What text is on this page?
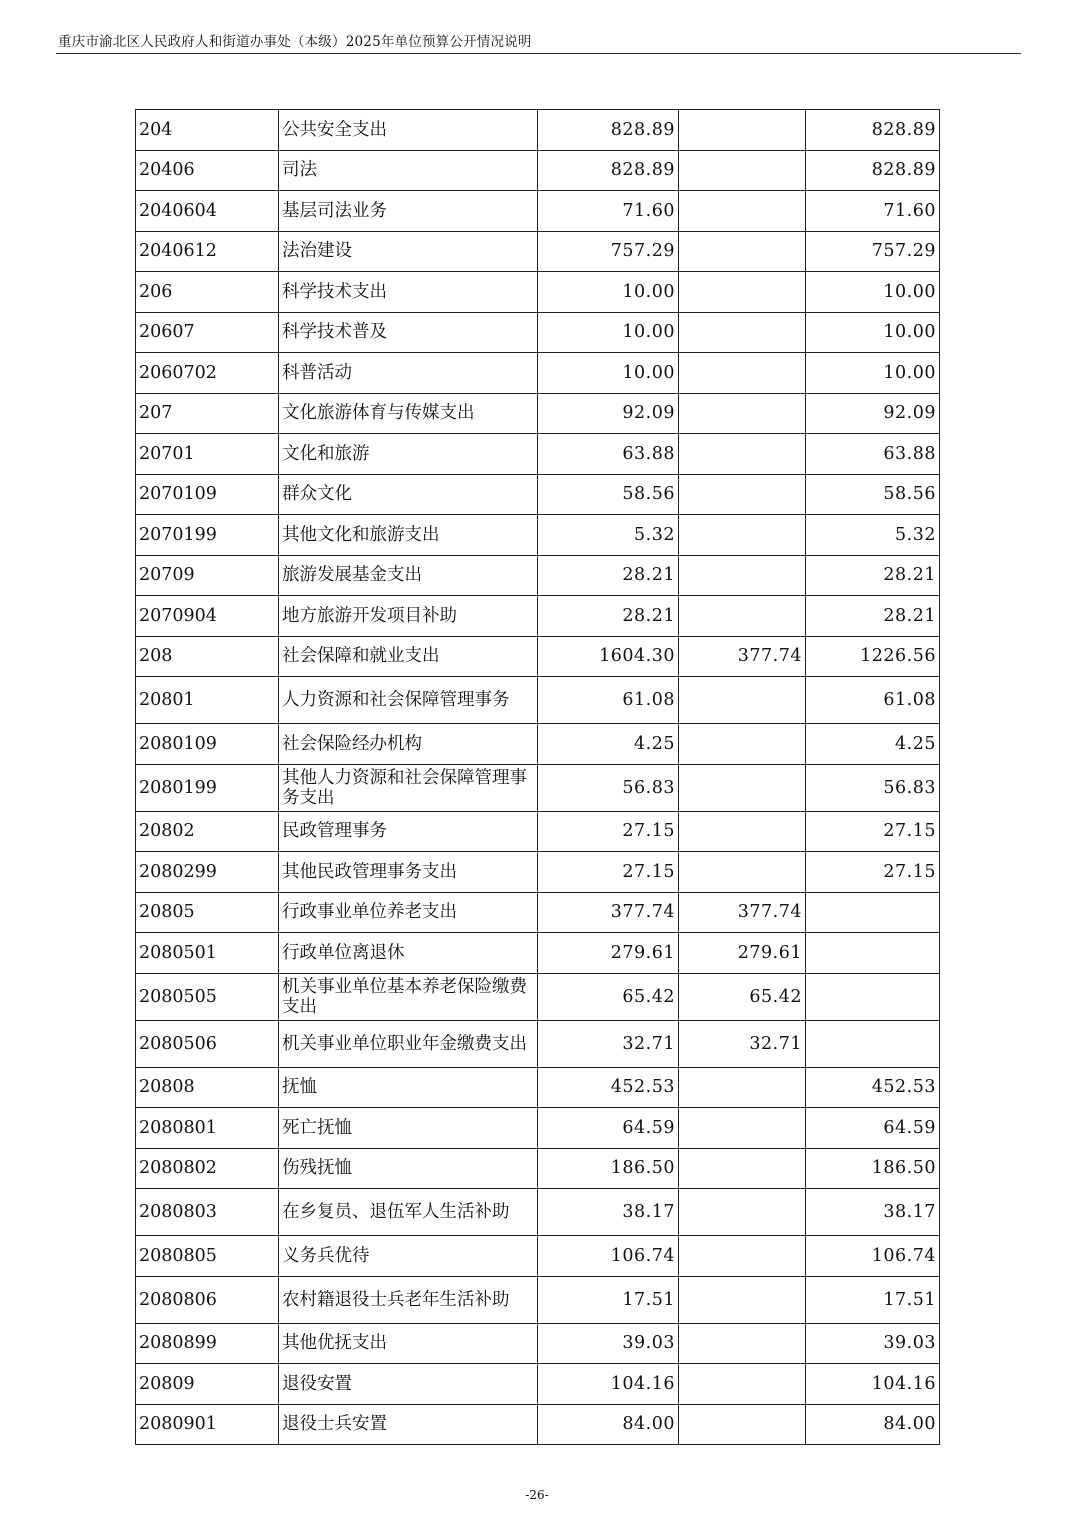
重庆市渝北区人民政府人和街道办事处（本级）2025年单位预算公开情况说明
204	公共安全支出	828.89		828.89
20406	司法	828.89		828.89
2040604	基层司法业务	71.60		71.60
2040612	法治建设	757.29		757.29
206	科学技术支出	10.00		10.00
20607	科学技术普及	10.00		10.00
2060702	科普活动	10.00		10.00
207	文化旅游体育与传媒支出	92.09		92.09
20701	文化和旅游	63.88		63.88
2070109	群众文化	58.56		58.56
2070199	其他文化和旅游支出	5.32		5.32
20709	旅游发展基金支出	28.21		28.21
2070904	地方旅游开发项目补助	28.21		28.21
208	社会保障和就业支出	1604.30	377.74	1226.56
20801	人力资源和社会保障管理事务	61.08		61.08
2080109	社会保险经办机构	4.25		4.25
2080199	其他人力资源和社会保障管理事务支出	56.83		56.83
20802	民政管理事务	27.15		27.15
2080299	其他民政管理事务支出	27.15		27.15
20805	行政事业单位养老支出	377.74	377.74	
2080501	行政单位离退休	279.61	279.61	
2080505	机关事业单位基本养老保险缴费支出	65.42	65.42	
2080506	机关事业单位职业年金缴费支出	32.71	32.71	
20808	抚恤	452.53		452.53
2080801	死亡抚恤	64.59		64.59
2080802	伤残抚恤	186.50		186.50
2080803	在乡复员、退伍军人生活补助	38.17		38.17
2080805	义务兵优待	106.74		106.74
2080806	农村籍退役士兵老年生活补助	17.51		17.51
2080899	其他优抚支出	39.03		39.03
20809	退役安置	104.16		104.16
2080901	退役士兵安置	84.00		84.00
-26-
